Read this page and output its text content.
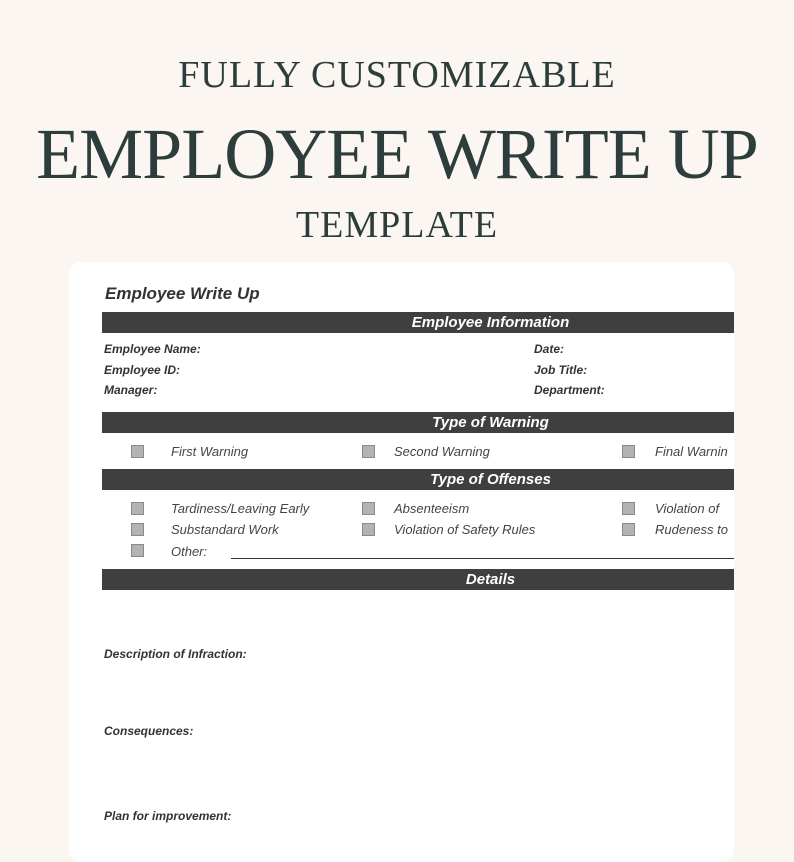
FULLY CUSTOMIZABLE
EMPLOYEE WRITE UP
TEMPLATE
Employee Write Up
Employee Information
Employee Name:
Employee ID:
Manager:
Date:
Job Title:
Department:
Type of Warning
First Warning	Second Warning	Final Warnin
Type of Offenses
Tardiness/Leaving Early	Absenteeism	Violation of
Substandard Work	Violation of Safety Rules	Rudeness to
Other:
Details
Description of Infraction:
Consequences:
Plan for improvement:
